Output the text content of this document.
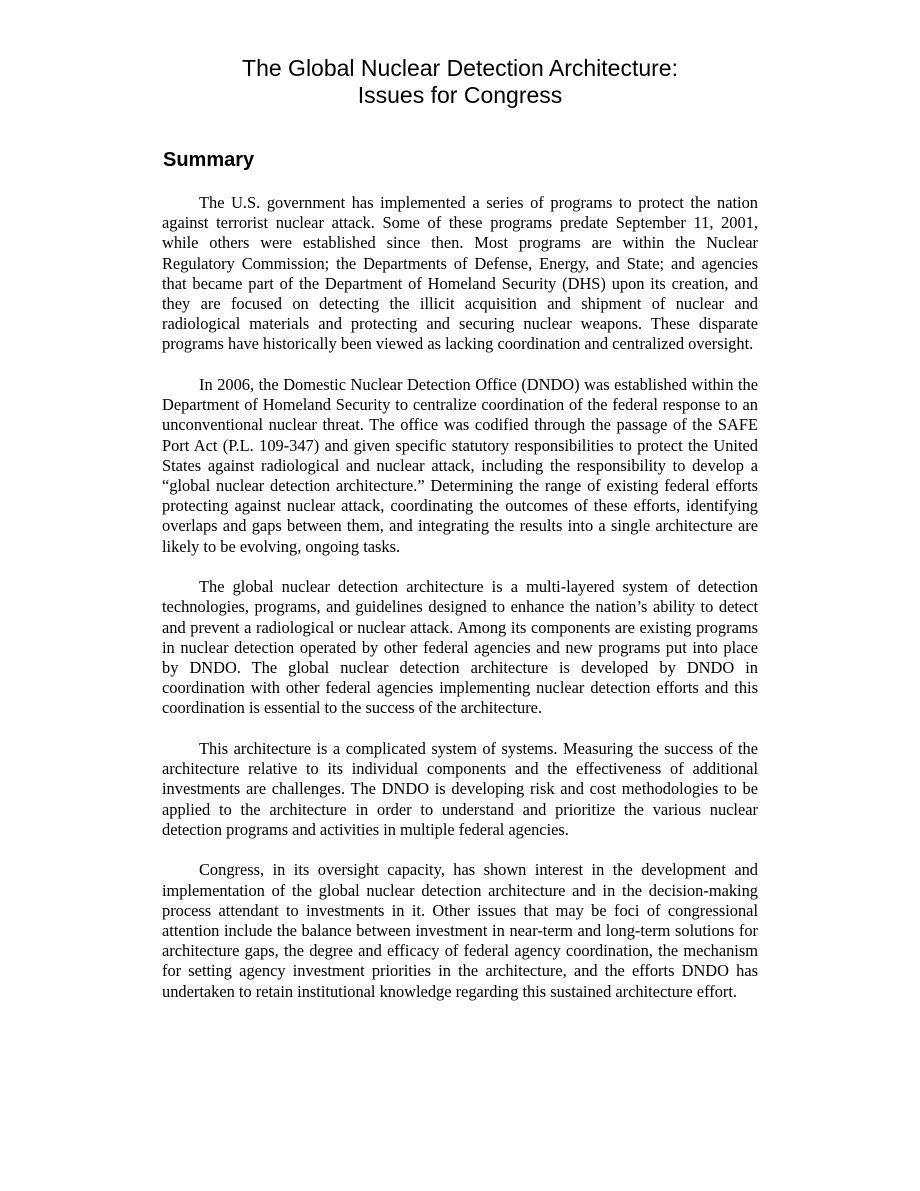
The Global Nuclear Detection Architecture:
Issues for Congress
Summary

The U.S. government has implemented a series of programs to protect the nation against terrorist nuclear attack. Some of these programs predate September 11, 2001, while others were established since then. Most programs are within the Nuclear Regulatory Commission; the Departments of Defense, Energy, and State; and agencies that became part of the Department of Homeland Security (DHS) upon its creation, and they are focused on detecting the illicit acquisition and shipment of nuclear and radiological materials and protecting and securing nuclear weapons. These disparate programs have historically been viewed as lacking coordination and centralized oversight.

In 2006, the Domestic Nuclear Detection Office (DNDO) was established within the Department of Homeland Security to centralize coordination of the federal response to an unconventional nuclear threat. The office was codified through the passage of the SAFE Port Act (P.L. 109-347) and given specific statutory responsibilities to protect the United States against radiological and nuclear attack, including the responsibility to develop a “global nuclear detection architecture.” Determining the range of existing federal efforts protecting against nuclear attack, coordinating the outcomes of these efforts, identifying overlaps and gaps between them, and integrating the results into a single architecture are likely to be evolving, ongoing tasks.

The global nuclear detection architecture is a multi-layered system of detection technologies, programs, and guidelines designed to enhance the nation’s ability to detect and prevent a radiological or nuclear attack. Among its components are existing programs in nuclear detection operated by other federal agencies and new programs put into place by DNDO. The global nuclear detection architecture is developed by DNDO in coordination with other federal agencies implementing nuclear detection efforts and this coordination is essential to the success of the architecture.

This architecture is a complicated system of systems. Measuring the success of the architecture relative to its individual components and the effectiveness of additional investments are challenges. The DNDO is developing risk and cost methodologies to be applied to the architecture in order to understand and prioritize the various nuclear detection programs and activities in multiple federal agencies.

Congress, in its oversight capacity, has shown interest in the development and implementation of the global nuclear detection architecture and in the decision-making process attendant to investments in it. Other issues that may be foci of congressional attention include the balance between investment in near-term and long-term solutions for architecture gaps, the degree and efficacy of federal agency coordination, the mechanism for setting agency investment priorities in the architecture, and the efforts DNDO has undertaken to retain institutional knowledge regarding this sustained architecture effort.
